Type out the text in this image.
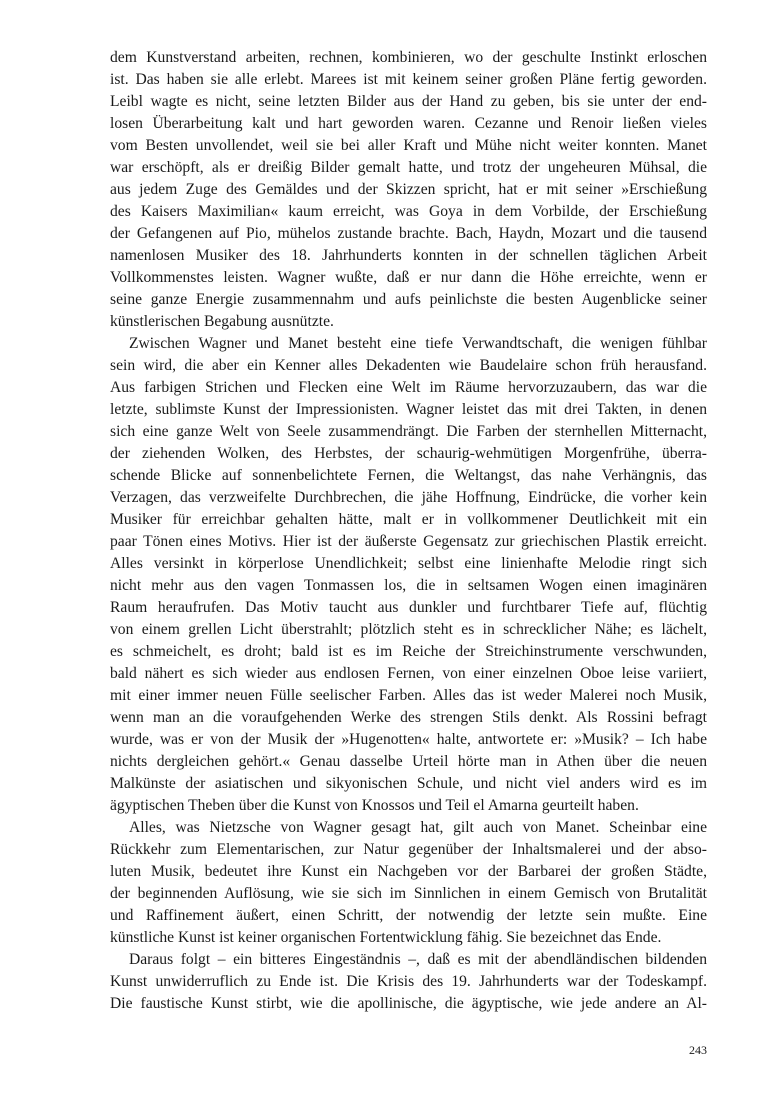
dem Kunstverstand arbeiten, rechnen, kombinieren, wo der geschulte Instinkt erloschen
ist. Das haben sie alle erlebt. Marees ist mit keinem seiner großen Pläne fertig geworden.
Leibl wagte es nicht, seine letzten Bilder aus der Hand zu geben, bis sie unter der end-
losen Überarbeitung kalt und hart geworden waren. Cezanne und Renoir ließen vieles
vom Besten unvollendet, weil sie bei aller Kraft und Mühe nicht weiter konnten. Manet
war erschöpft, als er dreißig Bilder gemalt hatte, und trotz der ungeheuren Mühsal, die
aus jedem Zuge des Gemäldes und der Skizzen spricht, hat er mit seiner »Erschießung
des Kaisers Maximilian« kaum erreicht, was Goya in dem Vorbilde, der Erschießung
der Gefangenen auf Pio, mühelos zustande brachte. Bach, Haydn, Mozart und die tausend
namenlosen Musiker des 18. Jahrhunderts konnten in der schnellen täglichen Arbeit
Vollkommenstes leisten. Wagner wußte, daß er nur dann die Höhe erreichte, wenn er
seine ganze Energie zusammennahm und aufs peinlichste die besten Augenblicke seiner
künstlerischen Begabung ausnützte.
Zwischen Wagner und Manet besteht eine tiefe Verwandtschaft, die wenigen fühlbar
sein wird, die aber ein Kenner alles Dekadenten wie Baudelaire schon früh herausfand.
Aus farbigen Strichen und Flecken eine Welt im Räume hervorzuzaubern, das war die
letzte, sublimste Kunst der Impressionisten. Wagner leistet das mit drei Takten, in denen
sich eine ganze Welt von Seele zusammendrängt. Die Farben der sternhellen Mitternacht,
der ziehenden Wolken, des Herbstes, der schaurig-wehmütigen Morgenfrühe, überra-
schende Blicke auf sonnenbelichtete Fernen, die Weltangst, das nahe Verhängnis, das
Verzagen, das verzweifelte Durchbrechen, die jähe Hoffnung, Eindrücke, die vorher kein
Musiker für erreichbar gehalten hätte, malt er in vollkommener Deutlichkeit mit ein
paar Tönen eines Motivs. Hier ist der äußerste Gegensatz zur griechischen Plastik erreicht.
Alles versinkt in körperlose Unendlichkeit; selbst eine linienhafte Melodie ringt sich
nicht mehr aus den vagen Tonmassen los, die in seltsamen Wogen einen imaginären
Raum heraufrufen. Das Motiv taucht aus dunkler und furchtbarer Tiefe auf, flüchtig
von einem grellen Licht überstrahlt; plötzlich steht es in schrecklicher Nähe; es lächelt,
es schmeichelt, es droht; bald ist es im Reiche der Streichinstrumente verschwunden,
bald nähert es sich wieder aus endlosen Fernen, von einer einzelnen Oboe leise variiert,
mit einer immer neuen Fülle seelischer Farben. Alles das ist weder Malerei noch Musik,
wenn man an die voraufgehenden Werke des strengen Stils denkt. Als Rossini befragt
wurde, was er von der Musik der »Hugenotten« halte, antwortete er: »Musik? – Ich habe
nichts dergleichen gehört.« Genau dasselbe Urteil hörte man in Athen über die neuen
Malkünste der asiatischen und sikyonischen Schule, und nicht viel anders wird es im
ägyptischen Theben über die Kunst von Knossos und Teil el Amarna geurteilt haben.
Alles, was Nietzsche von Wagner gesagt hat, gilt auch von Manet. Scheinbar eine
Rückkehr zum Elementarischen, zur Natur gegenüber der Inhaltsmalerei und der abso-
luten Musik, bedeutet ihre Kunst ein Nachgeben vor der Barbarei der großen Städte,
der beginnenden Auflösung, wie sie sich im Sinnlichen in einem Gemisch von Brutalität
und Raffinement äußert, einen Schritt, der notwendig der letzte sein mußte. Eine
künstliche Kunst ist keiner organischen Fortentwicklung fähig. Sie bezeichnet das Ende.
Daraus folgt – ein bitteres Eingeständnis –, daß es mit der abendländischen bildenden
Kunst unwiderruflich zu Ende ist. Die Krisis des 19. Jahrhunderts war der Todeskampf.
Die faustische Kunst stirbt, wie die apollinische, die ägyptische, wie jede andere an Al-
243
